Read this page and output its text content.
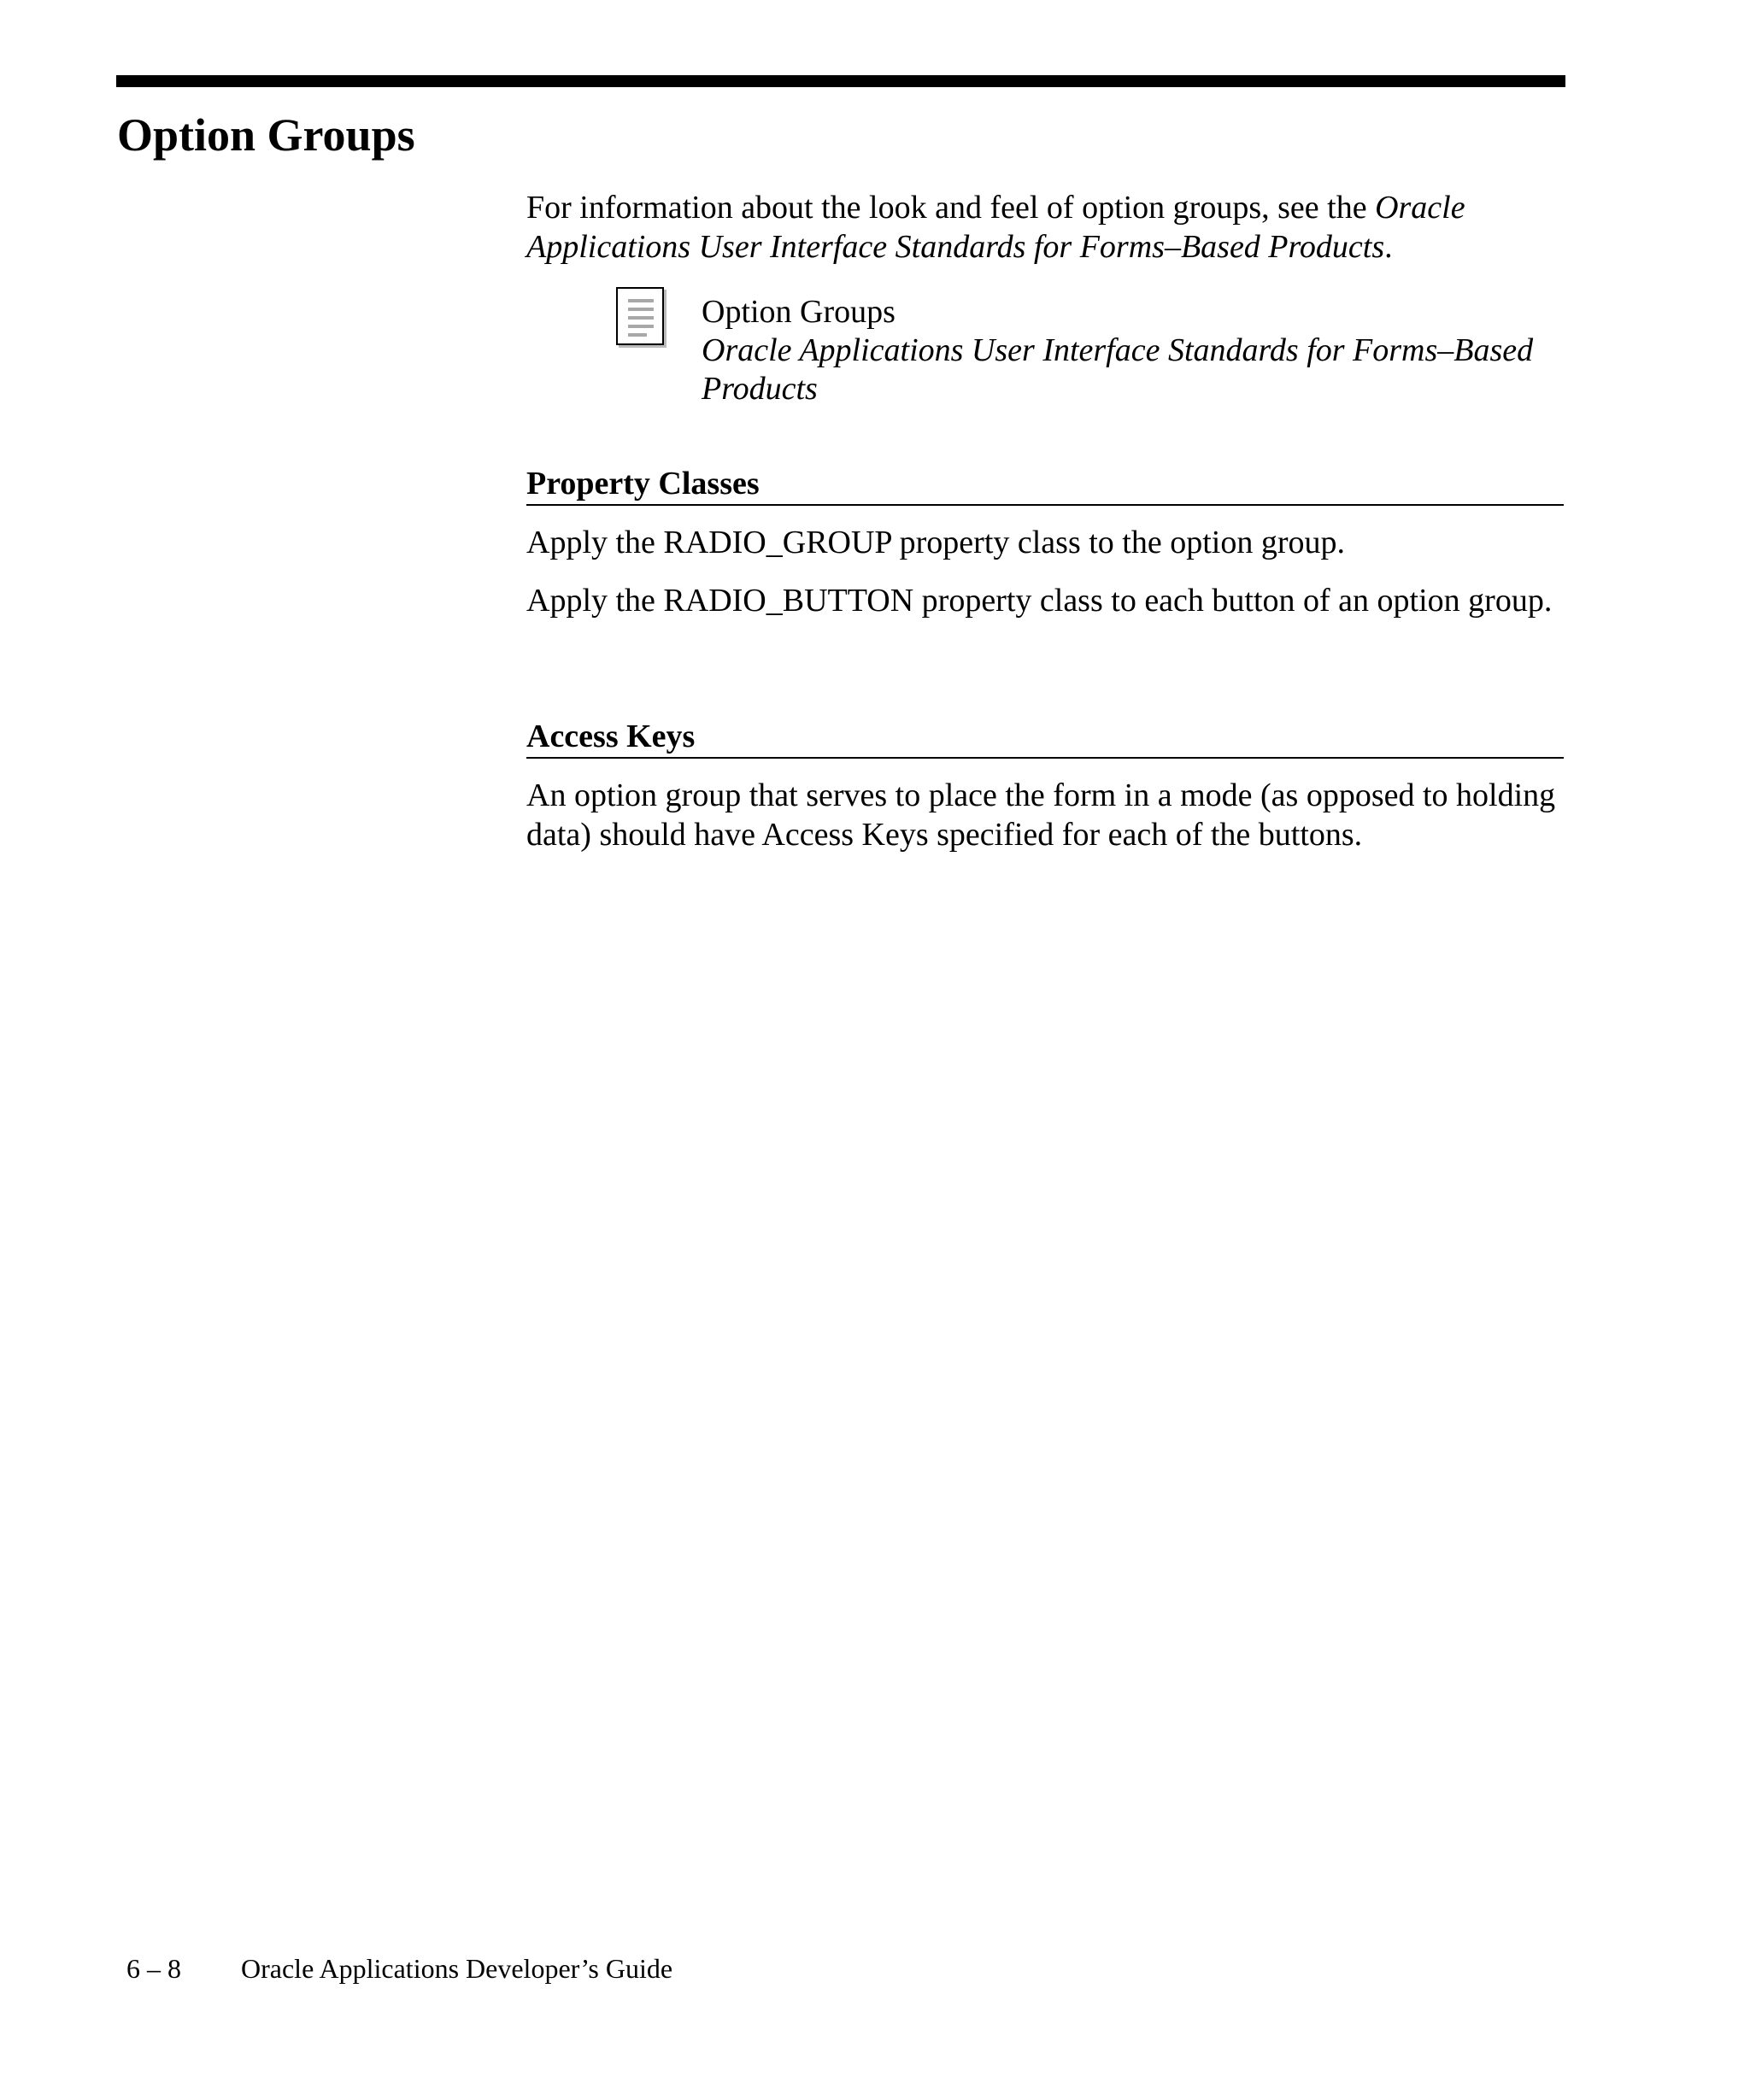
Option Groups

For information about the look and feel of option groups, see the Oracle Applications User Interface Standards for Forms–Based Products.

Option Groups

Oracle Applications User Interface Standards for Forms–Based Products

Property Classes

Apply the RADIO_GROUP property class to the option group.

Apply the RADIO_BUTTON property class to each button of an option group.

Access Keys

An option group that serves to place the form in a mode (as opposed to holding data) should have Access Keys specified for each of the buttons.

6 – 8 Oracle Applications Developer’s Guide
